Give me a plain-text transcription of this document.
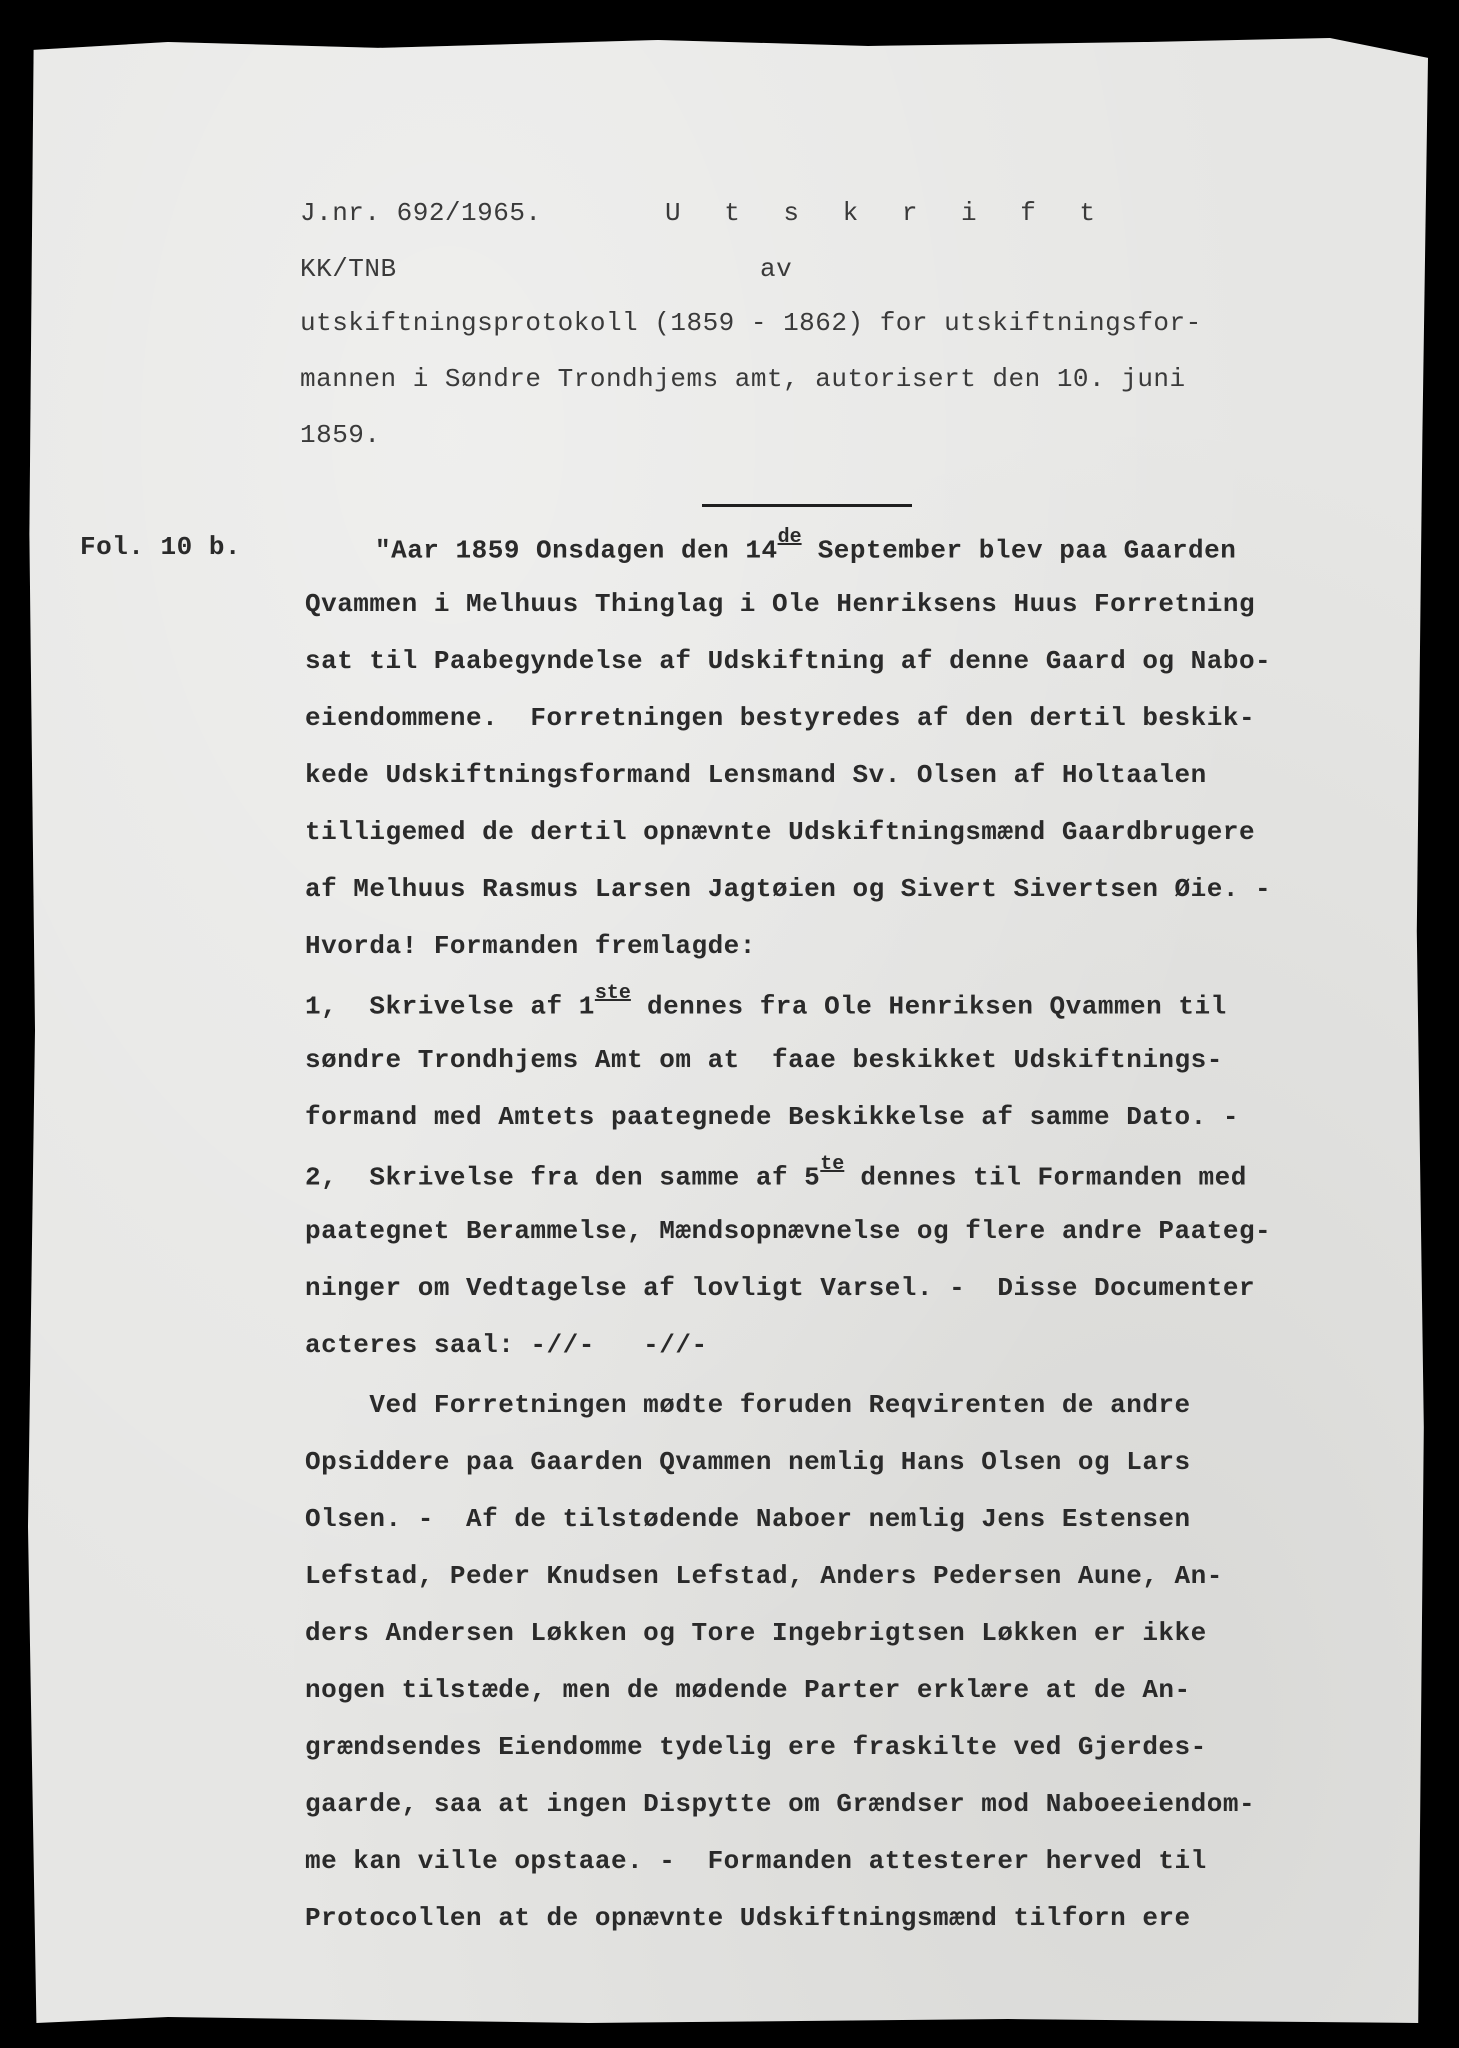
J.nr. 692/1965.	U t s k r i f t
KK/TNB	av
utskiftningsprotokoll (1859 - 1862) for utskiftningsfor-
mannen i Søndre Trondhjems amt, autorisert den 10. juni
1859.
Fol. 10 b.	"Aar 1859 Onsdagen den 14de September blev paa Gaarden
Qvammen i Melhuus Thinglag i Ole Henriksens Huus Forretning
sat til Paabegyndelse af Udskiftning af denne Gaard og Nabo-
eiendommene.  Forretningen bestyredes af den dertil beskik-
kede Udskiftningsformand Lensmand Sv. Olsen af Holtaalen
tilligemed de dertil opnævnte Udskiftningsmænd Gaardbrugere
af Melhuus Rasmus Larsen Jagtøien og Sivert Sivertsen Øie. -
Hvorda! Formanden fremlagde:
1,  Skrivelse af 1ste dennes fra Ole Henriksen Qvammen til
søndre Trondhjems Amt om at  faae beskikket Udskiftnings-
formand med Amtets paategnede Beskikkelse af samme Dato. -
2,  Skrivelse fra den samme af $5^{te}$ dennes til Formanden med
paategnet Berammelse, Mændsopnævnelse og flere andre Paateg-
ninger om Vedtagelse af lovligt Varsel. -  Disse Documenter
acteres saal: -//-   -//-
Ved Forretningen mødte foruden Reqvirenten de andre
Opsiddere paa Gaarden Qvammen nemlig Hans Olsen og Lars
Olsen. -  Af de tilstødende Naboer nemlig Jens Estensen
Lefstad, Peder Knudsen Lefstad, Anders Pedersen Aune, An-
ders Andersen Løkken og Tore Ingebrigtsen Løkken er ikke
nogen tilstæde, men de mødende Parter erklære at de An-
grændsendes Eiendomme tydelig ere fraskilte ved Gjerdes-
gaarde, saa at ingen Dispytte om Grændser mod Naboeeiendom-
me kan ville opstaae. -  Formanden attesterer herved til
Protocollen at de opnævnte Udskiftningsmænd tilforn ere
